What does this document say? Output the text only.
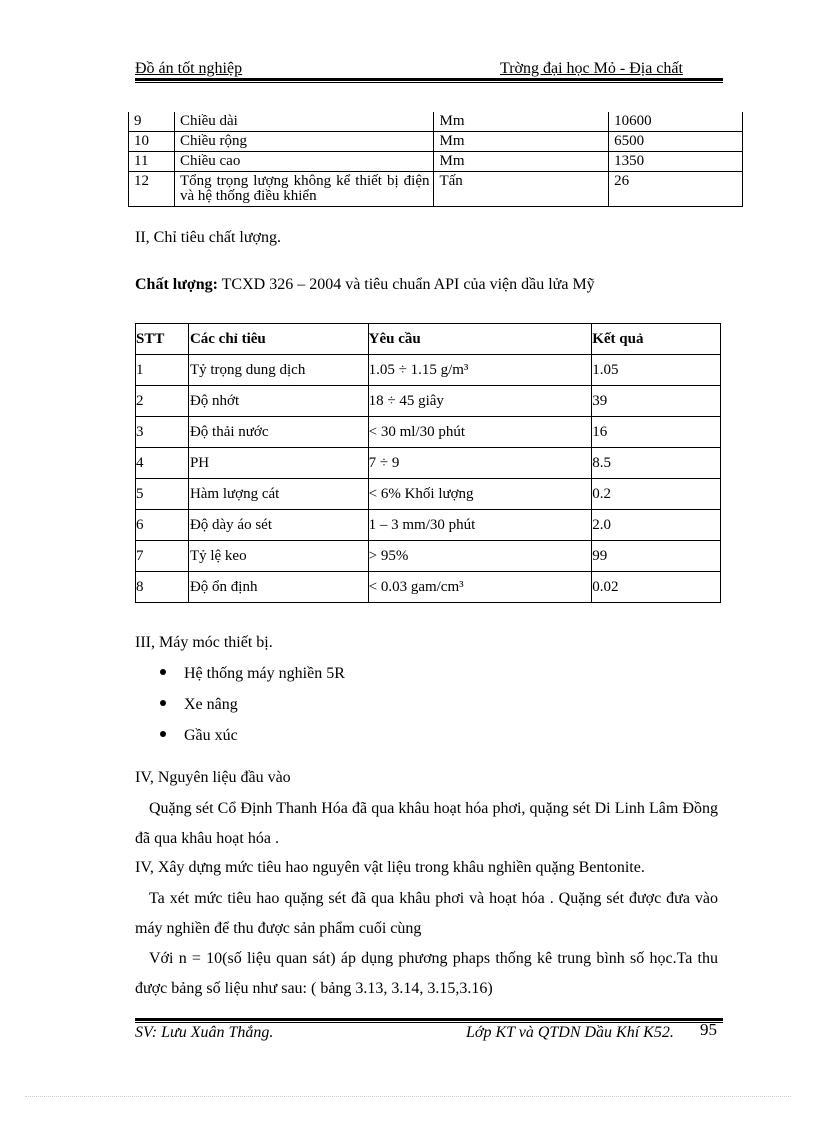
Đồ án tốt nghiệp	Trờng đại học Mỏ - Địa chất
9	Chiều dài	Mm	10600
10	Chiều rộng	Mm	6500
11	Chiều cao	Mm	1350
12	Tổng trọng lượng không kể thiết bị điện và hệ thống điều khiển	Tấn	26
II, Chỉ tiêu chất lượng.
Chất lượng: TCXD 326 – 2004 và tiêu chuẩn API của viện dầu lửa Mỹ
STT	Các chỉ tiêu	Yêu cầu	Kết quả
1	Tỷ trọng dung dịch	1.05 ÷ 1.15 g/m³	1.05
2	Độ nhớt	18 ÷ 45 giây	39
3	Độ thải nước	< 30 ml/30 phút	16
4	PH	7 ÷ 9	8.5
5	Hàm lượng cát	< 6% Khối lượng	0.2
6	Độ dày áo sét	1 – 3 mm/30 phút	2.0
7	Tỷ lệ keo	> 95%	99
8	Độ ổn định	< 0.03 gam/cm³	0.02
III, Máy móc thiết bị.
Hệ thống máy nghiền 5R
Xe nâng
Gầu xúc
IV, Nguyên liệu đầu vào
Quặng sét Cổ Định Thanh Hóa đã qua khâu hoạt hóa phơi, quặng sét Di Linh Lâm Đồng đã qua khâu hoạt hóa .
IV, Xây dựng mức tiêu hao nguyên vật liệu trong khâu nghiền quặng Bentonite.
Ta xét mức tiêu hao quặng sét đã qua khâu phơi và hoạt hóa . Quặng sét được đưa vào máy nghiền để thu được sản phẩm cuối cùng
Với n = 10(số liệu quan sát) áp dụng phương phaps thống kê trung bình số học.Ta thu được bảng số liệu như sau: ( bảng 3.13, 3.14, 3.15,3.16)
SV: Lưu Xuân Thắng.	Lớp KT và QTDN Dầu Khí K52. 95
